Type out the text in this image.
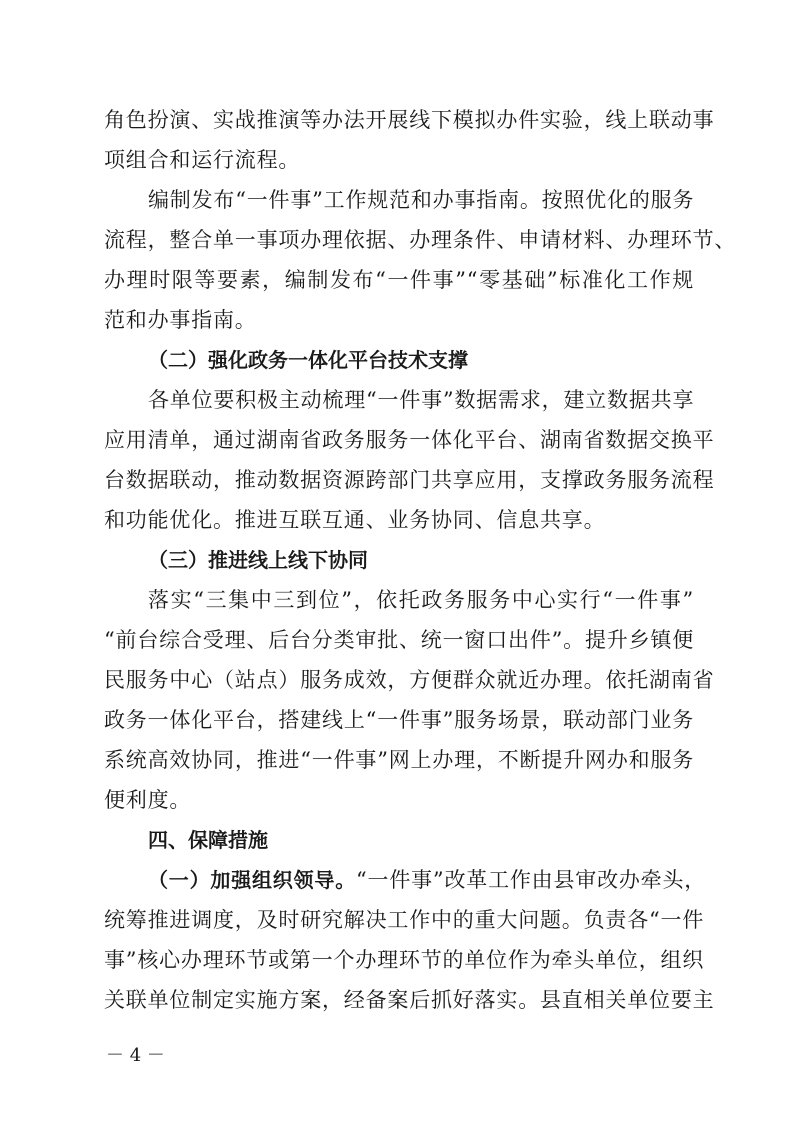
角色扮演、实战推演等办法开展线下模拟办件实验，线上联动事
项组合和运行流程。
编制发布“一件事”工作规范和办事指南。按照优化的服务
流程，整合单一事项办理依据、办理条件、申请材料、办理环节、
办理时限等要素，编制发布“一件事”“零基础”标准化工作规
范和办事指南。
（二）强化政务一体化平台技术支撑
各单位要积极主动梳理“一件事”数据需求，建立数据共享
应用清单，通过湖南省政务服务一体化平台、湖南省数据交换平
台数据联动，推动数据资源跨部门共享应用，支撑政务服务流程
和功能优化。推进互联互通、业务协同、信息共享。
（三）推进线上线下协同
落实“三集中三到位”，依托政务服务中心实行“一件事”
“前台综合受理、后台分类审批、统一窗口出件”。提升乡镇便
民服务中心（站点）服务成效，方便群众就近办理。依托湖南省
政务一体化平台，搭建线上“一件事”服务场景，联动部门业务
系统高效协同，推进“一件事”网上办理，不断提升网办和服务
便利度。
四、保障措施
（一）加强组织领导。“一件事”改革工作由县审改办牵头，
统筹推进调度，及时研究解决工作中的重大问题。负责各“一件
事”核心办理环节或第一个办理环节的单位作为牵头单位，组织
关联单位制定实施方案，经备案后抓好落实。县直相关单位要主
－ 4 －
